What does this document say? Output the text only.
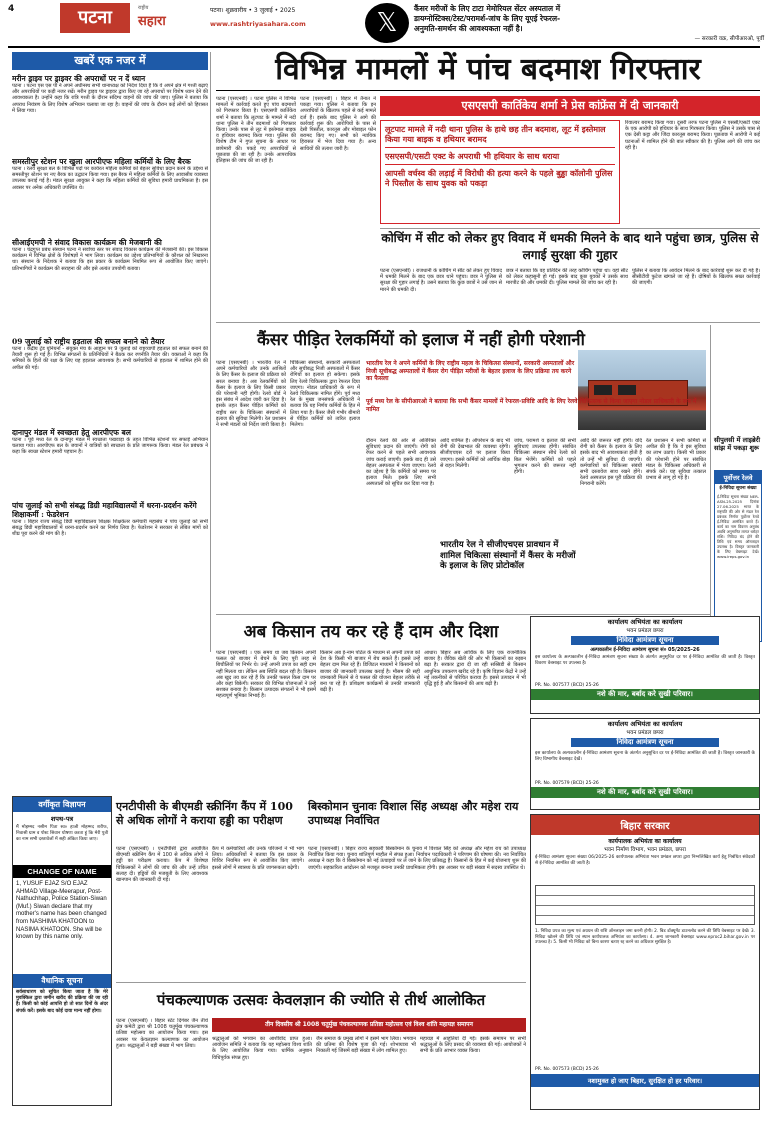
4	पटना	राष्ट्रीय
सहारा
पटना। शुक्रवारीय • 3 जुलाई • 2025
www.rashtriyasahara.com	𝕏	कैंसर मरीजों के लिए टाटा मेमोरियल सेंटर अस्पताल में
डायग्नोस्टिक्स/टेस्ट/परामर्श-जांच के लिए यूएई रेफरल-
अनुमति-समर्थन की आवश्यकता नहीं है।
— सरकारी वक्र, सीपीआरओ, पूर्वी
खबरें एक नजर में
मरीन ड्राइव पर ड्राइवर की अपराधों पर न दें ध्यान
पटना । पटना एस एस पी ने अपने अधीनस्थ सभी थानाध्यक्ष को निर्देश दिया है कि वे अपने क्षेत्र में गश्ती बढ़ाएं और अपराधियों पर कड़ी नजर रखें। मरीन ड्राइव पर ड्राइवर द्वारा किए जा रहे अपराधों पर विशेष ध्यान देने की आवश्यकता है। उन्होंने कहा कि रात्रि गश्ती के दौरान संदिग्ध वाहनों की जांच की जाए। पुलिस ने बताया कि अपराध नियंत्रण के लिए विशेष अभियान चलाया जा रहा है। वाहनों की जांच के दौरान कई लोगों को हिरासत में लिया गया।
समस्तीपुर स्टेशन पर खुला आरपीएफ महिला कर्मियों के लिए बैरक
पटना । रेलवे सुरक्षा बल के विभिन्न पदों पर कार्यरत महिला कर्मियों को बेहतर सुविधा प्रदान करने के उद्देश्य से समस्तीपुर स्टेशन पर नए बैरक का उद्घाटन किया गया। इस बैरक में महिला कर्मियों के लिए आवासीय व्यवस्था उपलब्ध कराई गई है। मंडल सुरक्षा आयुक्त ने कहा कि महिला कर्मियों की सुविधा हमारी प्राथमिकता है। इस अवसर पर अनेक अधिकारी उपस्थित थे।
सीआईएमपी ने संवाद विकास कार्यक्रम की मेजबानी की
पटना । चंद्रगुप्त प्रबंध संस्थान पटना ने सर्वोच्च स्तर पर संवाद विकास कार्यक्रम की मेजबानी की। इस विकास कार्यक्रम में विभिन्न क्षेत्रों के विशेषज्ञों ने भाग लिया। कार्यक्रम का उद्देश्य प्रतिभागियों के कौशल को निखारना था। संस्थान के निदेशक ने बताया कि इस प्रकार के कार्यक्रम नियमित रूप से आयोजित किए जाएंगे। प्रतिभागियों ने कार्यक्रम की सराहना की और इसे अत्यंत उपयोगी बताया।
09 जुलाई को राष्ट्रीय हड़ताल की सफल बनाने को तैयार
पटना । केंद्रीय ट्रेड यूनियनों - संयुक्त मंच के आह्वान पर 9 जुलाई को राष्ट्रव्यापी हड़ताल को सफल बनाने की तैयारी शुरू हो गई है। विभिन्न संगठनों के प्रतिनिधियों ने बैठक कर रणनीति तैयार की। वक्ताओं ने कहा कि श्रमिकों के हितों की रक्षा के लिए यह हड़ताल आवश्यक है। सभी कर्मचारियों से हड़ताल में शामिल होने की अपील की गई।
दानापुर मंडल में स्वच्छता हेतु आरपीएफ बल
पटना । पूर्व मध्य रेल के दानापुर मंडल में स्वच्छता पखवाड़ा के तहत विभिन्न स्टेशनों पर सफाई अभियान चलाया गया। आरपीएफ बल के जवानों ने यात्रियों को स्वच्छता के प्रति जागरूक किया। मंडल रेल प्रबंधक ने कहा कि स्वच्छ स्टेशन हमारी पहचान है।
पांच जुलाई को सभी संबद्ध डिग्री महाविद्यालयों में धरना-प्रदर्शन करेंगे शिक्षाकर्मी : फेडरेशन
पटना । बिहार राज्य संबद्ध डिग्री महाविद्यालय शिक्षक शिक्षकेतर कर्मचारी महासंघ ने पांच जुलाई को सभी संबद्ध डिग्री महाविद्यालयों में धरना-प्रदर्शन करने का निर्णय लिया है। फेडरेशन ने सरकार से लंबित मांगों को शीघ्र पूरा करने की मांग की है।
विभिन्न मामलों में पांच बदमाश गिरफ्तार
पटना (एसएनबी) । पटना पुलिस ने विभिन्न मामलों में कार्रवाई करते हुए पांच बदमाशों को गिरफ्तार किया है। एसएसपी कार्तिकेय शर्मा ने बताया कि लूटपाट के मामले में नदी थाना पुलिस ने तीन बदमाशों को गिरफ्तार किया। उनके पास से लूट में इस्तेमाल बाइक व हथियार बरामद किया गया। पुलिस की विशेष टीम ने गुप्त सूचना के आधार पर छापेमारी की। पकड़े गए अपराधियों से पूछताछ की जा रही है। उनके आपराधिक इतिहास की जांच की जा रही है।
पटना (एसएनबी) । बिहार में तैनात ने पकड़ा गया। पुलिस ने बताया कि इन अपराधियों के खिलाफ पहले से कई मामले दर्ज हैं। इसके बाद पुलिस ने आगे की कार्रवाई शुरू की। आरोपियों के पास से देसी पिस्तौल, कारतूस और मोबाइल फोन बरामद किए गए। सभी को न्यायिक हिरासत में भेज दिया गया है। अन्य साथियों की तलाश जारी है।
एसएसपी कार्तिकेय शर्मा ने प्रेस कांफ्रेंस में दी जानकारी
लूटपाट मामले में नदी थाना पुलिस के हाथे छह तीन बदमाश, लूट में इस्तेमाल किया गया बाइक व हथियार बरामद
एसएसपी/एसटी एक्ट के अपराधी भी हथियार के साथ धराया
आपसी वर्चस्व की लड़ाई में विरोधी की हत्या करने के पहले बुड्ढा कॉलोनी पुलिस ने पिस्तौल के साथ युवक को पकड़ा
रिवाल्वर बरामद किया गया। दूसरी तरफ पटना पुलिस ने एससी/एसटी एक्ट के एक आरोपी को हथियार के साथ गिरफ्तार किया। पुलिस ने उसके पास से एक देसी कट्टा और जिंदा कारतूस बरामद किया। पूछताछ में आरोपी ने कई घटनाओं में शामिल होने की बात स्वीकार की है। पुलिस आगे की जांच कर रही है।
कोचिंग में सीट को लेकर हुए विवाद में धमकी मिलने के बाद थाने पहुंचा छात्र, पुलिस से लगाई सुरक्षा की गुहार
पटना (एसएनबी) । राजधानी के कोचिंग में सीट को लेकर हुए विवाद में धमकी मिलने के बाद एक छात्र थाने पहुंचा। छात्र ने पुलिस से सुरक्षा की गुहार लगाई है। उसने बताया कि कुछ छात्रों ने उसे जान से मारने की धमकी दी।
छात्र ने बताया कि वह प्रतिदिन की तरह कोचिंग पहुंचा था। वहां सीट को लेकर कहासुनी हो गई। इसके बाद कुछ युवकों ने उसके साथ मारपीट की और धमकी दी। पुलिस मामले की जांच कर रही है।
पुलिस ने बताया कि आवेदन मिलने के बाद कार्रवाई शुरू कर दी गई है। सीसीटीवी फुटेज खंगाले जा रहे हैं। दोषियों के खिलाफ सख्त कार्रवाई की जाएगी।
कैंसर पीड़ित रेलकर्मियों को इलाज में नहीं होगी परेशानी
पटना (एसएनबी) । भारतीय रेल ने अपने कर्मचारियों और उनके आश्रितों के लिए कैंसर के इलाज की प्रक्रिया को सरल बनाया है। अब रेलकर्मियों को कैंसर के इलाज के लिए किसी प्रकार की परेशानी नहीं होगी। रेलवे बोर्ड ने इस संबंध में आदेश जारी कर दिया है। इसके तहत कैंसर पीड़ित कर्मियों को राष्ट्रीय स्तर के चिकित्सा संस्थानों में इलाज की सुविधा मिलेगी। रेल प्रशासन ने सभी मंडलों को निर्देश जारी किया है।
चिकित्सा संस्थानों, सरकारी अस्पतालों और सूचीबद्ध निजी अस्पतालों में कैंसर रोगियों का इलाज हो सकेगा। इसके लिए रेलवे चिकित्सक द्वारा रेफरल दिया जाएगा। नोडल प्राधिकारी के रूप में रेलवे चिकित्सक नामित होंगे। पूर्व मध्य रेल के मुख्य जनसंपर्क अधिकारी ने बताया कि यह निर्णय कर्मियों के हित में लिया गया है। कैंसर जैसी गंभीर बीमारी से पीड़ित कर्मियों को त्वरित इलाज मिलेगा।
भारतीय रेल ने अपने कर्मियों के लिए राष्ट्रीय महत्व के चिकित्सा संस्थानों, सरकारी अस्पतालों और निजी सूचीबद्ध अस्पतालों में कैंसर रोग पीड़ित मरीजों के बेहतर इलाज के लिए प्रक्रिया तय करने का फैसला
पूर्व मध्य रेल के सीपीआरओ ने बताया कि सभी कैंसर मामलों में रेफरल-प्रविष्टि आदि के लिए रेलवे चिकित्सक से किया जाएगा नोडल प्राधिकारी के रूप में नामित
दौरान रेलवे की ओर से अतिरिक्त सुविधाएं प्रदान की जाएंगी। रोगी को रेफर करने से पहले सभी आवश्यक जांच कराई जाएगी। इसके बाद ही उसे बेहतर अस्पताल में भेजा जाएगा। रेलवे का उद्देश्य है कि कर्मियों को समय पर इलाज मिले। इसके लिए सभी अस्पतालों को सूचित कर दिया गया है।
आदि शामिल हैं। ऑपरेशन के बाद भी रोगी की देखभाल की व्यवस्था रहेगी। सीजीएचएस दरों पर इलाज किया जाएगा। इससे कर्मियों को आर्थिक बोझ से राहत मिलेगी।
भारतीय रेल ने सीजीएचएस प्रावधान में शामिल चिकित्सा संस्थानों में कैंसर के मरीजों के इलाज के लिए प्रोटोकॉल
जांच, परामर्श व इलाज की सभी सुविधाएं उपलब्ध होंगी। संबंधित चिकित्सा संस्थान सीधे रेलवे को बिल भेजेंगे। कर्मियों को पहले भुगतान करने की जरूरत नहीं होगी।
आदि की जरूरत नहीं होगी। यदि रोगी को कैंसर के इलाज के लिए इसके बाद भी आवश्यकता होती है तो उन्हें भी सुविधा दी जाएगी। कर्मचारियों को चिकित्सा संबंधी सभी दस्तावेज साथ रखने होंगे। रेलवे अस्पताल इस पूरी प्रक्रिया की निगरानी करेंगे।
रेल प्रशासन ने सभी कर्मियों से अपील की है कि वे इस सुविधा का लाभ उठाएं। किसी भी प्रकार की परेशानी होने पर संबंधित मंडल के चिकित्सा अधिकारी से संपर्क करें। यह सुविधा तत्काल प्रभाव से लागू हो गई है।
सीपुलसी में लाइब्रेरी सांझ में पकड़ा शुरू
पूर्वोत्तर रेलवे
ई-निविदा सूचना संख्या
ई-निविदा सूचना संख्या NER-ASN-25-2025 दिनांक 27.06.2025 भारत के राष्ट्रपति की ओर से मंडल रेल प्रबंधक निर्माण पूर्वोत्तर रेलवे ई-निविदा आमंत्रित करते हैं। कार्य का नाम विवरण अनुबंध अवधि अनुमानित लागत धरोहर राशि। निविदा बंद होने की तिथि एवं समय ऑनलाइन उपलब्ध है। विस्तृत जानकारी के लिए वेबसाइट देखें। www.ireps.gov.in
अब किसान तय कर रहे हैं दाम और दिशा
पटना (एसएनबी) । एक समय था जब किसान अपनी फसल को बाजार में बेचने के लिए पूरी तरह से बिचौलियों पर निर्भर थे। उन्हें अपनी उपज का सही दाम नहीं मिलता था। लेकिन अब स्थिति बदल रही है। किसान अब खुद तय कर रहे हैं कि उनकी फसल किस दाम पर और कहां बिकेगी। सरकार की विभिन्न योजनाओं ने उन्हें सशक्त बनाया है। किसान उत्पादक संगठनों ने भी इसमें महत्वपूर्ण भूमिका निभाई है।
किसान अब ई-नाम पोर्टल के माध्यम से अपनी उपज को देश के किसी भी बाजार में बेच सकते हैं। इससे उन्हें बेहतर दाम मिल रहे हैं। डिजिटल माध्यमों ने किसानों को बाजार की जानकारी उपलब्ध कराई है। मौसम की सही जानकारी मिलने से वे फसल की योजना बेहतर तरीके से बना पा रहे हैं। प्रशिक्षण कार्यक्रमों से उनकी जानकारी बढ़ी है।
आधार। बिहार अब आर्थिक के लिए एक राजनीतिक बाजार है। जैविक खेती की ओर भी किसानों का रुझान बढ़ा है। सरकार द्वारा दी जा रही सब्सिडी से किसान आधुनिक उपकरण खरीद रहे हैं। कृषि विज्ञान केंद्रों ने उन्हें नई तकनीकों से परिचित कराया है। इससे उत्पादन में भी वृद्धि हुई है और किसानों की आय बढ़ी है।
कार्यालय अभियंता का कार्यालय
भवन प्रमंडल छपरा
निविदा आमंत्रण सूचना
अल्पकालीन ई-निविदा आमंत्रण सूचना सं० 05/2025-26
इस कार्यालय के अल्पकालीन ई-निविदा आमंत्रण सूचना संख्या के अंतर्गत अनुसूचित दर पर ई-निविदा आमंत्रित की जाती है। विस्तृत विवरण वेबसाइट पर उपलब्ध है।
PR. No. 007577 (BCD) 25-26
नशे की मार, बर्बाद करे सुखी परिवार।
कार्यालय अभियंता का कार्यालय
भवन प्रमंडल छपरा
निविदा आमंत्रण सूचना
इस कार्यालय के अल्पकालीन ई-निविदा आमंत्रण सूचना के अंतर्गत अनुसूचित दर पर ई-निविदा आमंत्रित की जाती है। विस्तृत जानकारी के लिए विभागीय वेबसाइट देखें।
PR. No. 007579 (BCD) 25-26
नशे की मार, बर्बाद करे सुखी परिवार।
वर्गीकृत विज्ञापन
शपथ-पत्र
मैं मोहम्मद नसीम पिता स्व० हाजी मोहम्मद शरीफ, निवासी ग्राम व पोस्ट सिवान घोषणा करता हूं कि मेरी पुत्री का नाम सभी दस्तावेजों में सही अंकित किया जाए।
CHANGE OF NAME
1, YUSUF EJAZ S/O EJAZ AHMAD Village-Meerapur, Post-Nathuchhap, Police Station-Siwan (Muf.) Siwan declare that my mother's name has been changed from NASHIMA KHATOON to NASIMA KHATOON. She will be known by this name only.
वैधानिक सूचना
सर्वसाधारण को सूचित किया जाता है कि मेरे मुवक्किल द्वारा जमीन खरीद की प्रक्रिया की जा रही है। किसी को कोई आपत्ति हो तो सात दिनों के अंदर संपर्क करें। इसके बाद कोई दावा मान्य नहीं होगा।
एनटीपीसी के बीएमडी स्क्रीनिंग कैंप में 100 से अधिक लोगों ने कराया हड्डी का परीक्षण
पटना (एसएनबी) । एनटीपीसी द्वारा आयोजित बीएमडी स्क्रीनिंग कैंप में 100 से अधिक लोगों ने हड्डी का परीक्षण कराया। कैंप में विशेषज्ञ चिकित्सकों ने लोगों की जांच की और उन्हें उचित सलाह दी। हड्डियों की मजबूती के लिए आवश्यक खानपान की जानकारी दी गई।
कैंप में कर्मचारियों और उनके परिजनों ने भी भाग लिया। अधिकारियों ने बताया कि इस प्रकार के शिविर नियमित रूप से आयोजित किए जाएंगे। इससे लोगों में स्वास्थ्य के प्रति जागरूकता बढ़ेगी।
बिस्कोमान चुनावः विशाल सिंह अध्यक्ष और महेश राय उपाध्यक्ष निर्वाचित
पटना (एसएनबी) । बिहार राज्य सहकारी बिस्कोमान के चुनाव में विशाल सिंह को अध्यक्ष और महेश राय को उपाध्यक्ष निर्वाचित किया गया। चुनाव शांतिपूर्ण माहौल में संपन्न हुआ। निर्वाचन पदाधिकारी ने परिणाम की घोषणा की। नव निर्वाचित अध्यक्ष ने कहा कि वे बिस्कोमान को नई ऊंचाइयों पर ले जाने के लिए प्रतिबद्ध हैं। किसानों के हित में कई योजनाएं शुरू की जाएंगी। सहकारिता आंदोलन को मजबूत बनाना उनकी प्राथमिकता होगी। इस अवसर पर बड़ी संख्या में सदस्य उपस्थित थे।
बिहार सरकार
कार्यपालक अभियंता का कार्यालय
भवन निर्माण विभाग, भवन प्रमंडल, छपरा
ई-निविदा आमंत्रण सूचना संख्या 06/2025-26 कार्यपालक अभियंता भवन प्रमंडल छपरा द्वारा निम्नलिखित कार्य हेतु निबंधित संवेदकों से ई-निविदा आमंत्रित की जाती है।
1. निविदा प्रपत्र का मूल्य एवं अग्रधन की राशि ऑनलाइन जमा करनी होगी। 2. बिड डॉक्यूमेंट डाउनलोड करने की तिथि वेबसाइट पर देखें। 3. निविदा खोलने की तिथि एवं स्थान कार्यपालक अभियंता का कार्यालय। 4. अन्य जानकारी वेबसाइट www.eproc2.bihar.gov.in पर उपलब्ध है। 5. किसी भी निविदा को बिना कारण बताए रद्द करने का अधिकार सुरक्षित है।
PR. No. 007573 (BCD) 25-26
नशामुक्त हो जाए बिहार, सुरक्षित हो हर परिवार।
पंचकल्याणक उत्सवः केवलज्ञान की ज्योति से तीर्थ आलोकित
पटना (एसएनबी) । बिहार स्टेट दिगंबर जैन तीर्थ क्षेत्र कमेटी द्वारा श्री 1008 चतुर्मुख पंचकल्याणक प्रतिष्ठा महोत्सव का आयोजन किया गया। इस अवसर पर केवलज्ञान कल्याणक का आयोजन हुआ। श्रद्धालुओं ने बड़ी संख्या में भाग लिया।
तीन दिवसीय श्री 1008 चतुर्मुख पंचकल्याणक प्रतिष्ठा महोत्सव एवं विश्व शांति महायज्ञ समापन
श्रद्धालुओं को भगवान का आशीर्वाद प्राप्त हुआ। आयोजन समिति ने बताया कि यह महोत्सव विश्व शांति के लिए आयोजित किया गया। धार्मिक अनुष्ठान विधिपूर्वक संपन्न हुए।
जैन समाज के प्रमुख लोगों ने इसमें भाग लिया। भगवान की प्रतिमा की विशेष पूजा की गई। शोभायात्रा भी निकाली गई जिसमें बड़ी संख्या में लोग शामिल हुए।
महायज्ञ में आहुतियां दी गईं। इसके समापन पर सभी श्रद्धालुओं के लिए प्रसाद की व्यवस्था की गई। आयोजकों ने सभी के प्रति आभार व्यक्त किया।
